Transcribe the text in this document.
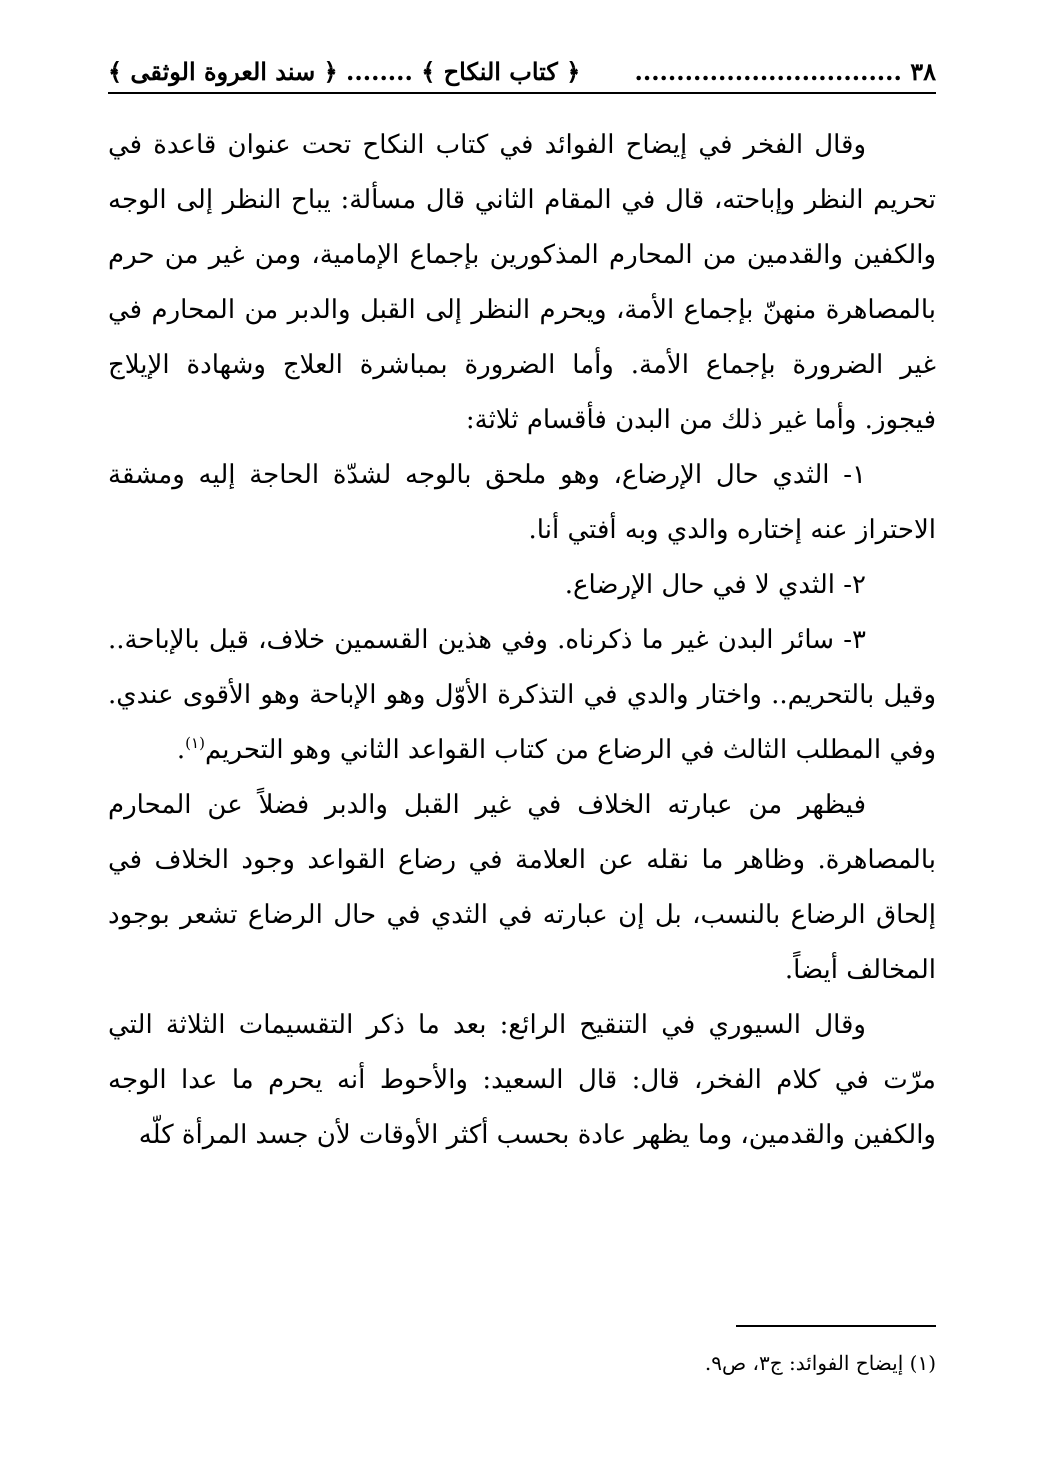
٣٨ ................................
﴿ كتاب النكاح ﴾ ........ ﴿ سند العروة الوثقى ﴾

وقال الفخر في إيضاح الفوائد في كتاب النكاح تحت عنوان قاعدة في تحريم النظر وإباحته، قال في المقام الثاني قال مسألة: يباح النظر إلى الوجه والكفين والقدمين من المحارم المذكورين بإجماع الإمامية، ومن غير من حرم بالمصاهرة منهنّ بإجماع الأمة، ويحرم النظر إلى القبل والدبر من المحارم في غير الضرورة بإجماع الأمة. وأما الضرورة بمباشرة العلاج وشهادة الإيلاج فيجوز. وأما غير ذلك من البدن فأقسام ثلاثة:

١- الثدي حال الإرضاع، وهو ملحق بالوجه لشدّة الحاجة إليه ومشقة الاحتراز عنه إختاره والدي وبه أفتي أنا.

٢- الثدي لا في حال الإرضاع.

٣- سائر البدن غير ما ذكرناه. وفي هذين القسمين خلاف، قيل بالإباحة.. وقيل بالتحريم.. واختار والدي في التذكرة الأوّل وهو الإباحة وهو الأقوى عندي. وفي المطلب الثالث في الرضاع من كتاب القواعد الثاني وهو التحريم$^{(١)}$.

فيظهر من عبارته الخلاف في غير القبل والدبر فضلاً عن المحارم بالمصاهرة. وظاهر ما نقله عن العلامة في رضاع القواعد وجود الخلاف في إلحاق الرضاع بالنسب، بل إن عبارته في الثدي في حال الرضاع تشعر بوجود المخالف أيضاً.

وقال السيوري في التنقيح الرائع: بعد ما ذكر التقسيمات الثلاثة التي مرّت في كلام الفخر، قال: قال السعيد: والأحوط أنه يحرم ما عدا الوجه والكفين والقدمين، وما يظهر عادة بحسب أكثر الأوقات لأن جسد المرأة كلّه

(١) إيضاح الفوائد: ج٣، ص٩.
